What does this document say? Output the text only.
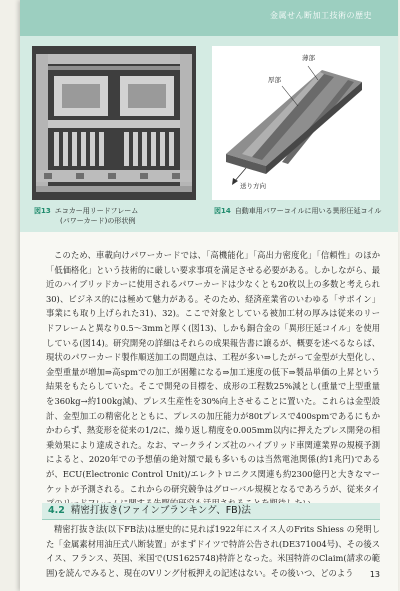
金属せん断加工技術の歴史
薄部
厚部
送り方向
図13 エコカー用リードフレーム
(パワーカード)の形状例
図14 自動車用パワーコイルに用いる異形圧延コイル

このため、車載向けパワーカードでは、「高機能化」「高出力密度化」「信頼性」のほか「低価格化」という技術的に厳しい要求事項を満足させる必要がある。しかしながら、最近のハイブリッドカーに使用されるパワーカードは少なくとも20枚以上の多数と考えられ30)、ビジネス的には極めて魅力がある。そのため、経済産業省のいわゆる「サポイン」事業にも取り上げられた31)、32)。ここで対象としている被加工材の厚みは従来のリードフレームと異なり0.5～3mmと厚く(図13)、しかも銅合金の「異形圧延コイル」を使用している(図14)。研究開発の詳細はそれらの成果報告書に譲るが、概要を述べるならば、現状のパワーカード製作順送加工の問題点は、工程が多い⇒したがって金型が大型化し、金型重量が増加⇒高spmでの加工が困難になる⇒加工速度の低下⇒製品単価の上昇という結果をもたらしていた。そこで開発の目標を、成形の工程数25%減とし(重量で上型重量を360kg→約100kg減)、プレス生産性を30%向上させることに置いた。これらは金型設計、金型加工の精密化とともに、プレスの加圧能力が80tプレスで400spmであるにもかかわらず、熱変形を従来の1/2に、繰り返し精度を0.005mm以内に押えたプレス開発の相乗効果により達成された。なお、マークラインズ社のハイブリッド車関連業界の規模予測によると、2020年での予想値の絶対額で最も多いものは当然電池関係(約1兆円)であるが、ECU(Electronic Control Unit)/エレクトロニクス関連も約2300億円と大きなマーケットが予測される。これからの研究競争はグローバル規模となるであろうが、従来タイ

4.2 精密打抜き(ファインブランキング、FB)法

精密打抜き法(以下FB法)は歴史的に見れば1922年にスイス人のFrits Shiess の発明した「金属素材用油圧式八断装置」がまずドイツで特許公告され(DE371004号)、その後スイス、フランス、英国、米国で(US1625748)特許となった。米国特許のClaim(請求の範囲)を読んでみると、現在のVリング付板押えの記述はない。その後いつ、どのよう	13
